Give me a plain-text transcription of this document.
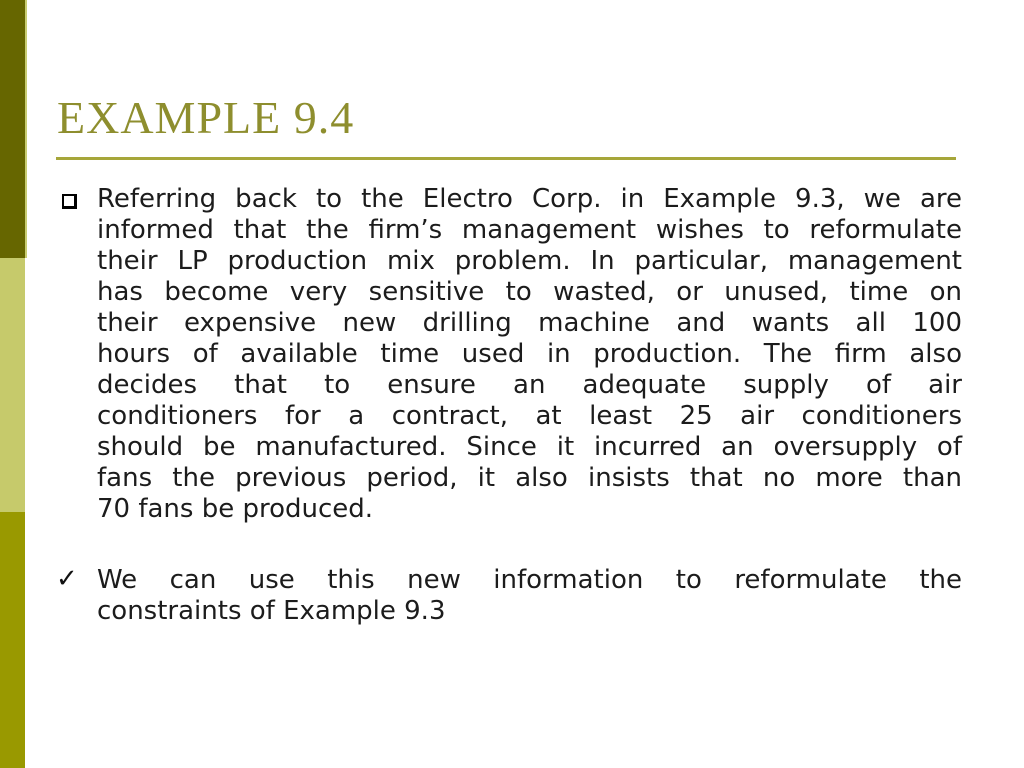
EXAMPLE 9.4
Referring back to the Electro Corp. in Example 9.3, we are
informed that the firm’s management wishes to reformulate
their LP production mix problem. In particular, management
has become very sensitive to wasted, or unused, time on
their expensive new drilling machine and wants all 100
hours of available time used in production. The firm also
decides that to ensure an adequate supply of air
conditioners for a contract, at least 25 air conditioners
should be manufactured. Since it incurred an oversupply of
fans the previous period, it also insists that no more than
70 fans be produced.
✓ We can use this new information to reformulate the
constraints of Example 9.3
